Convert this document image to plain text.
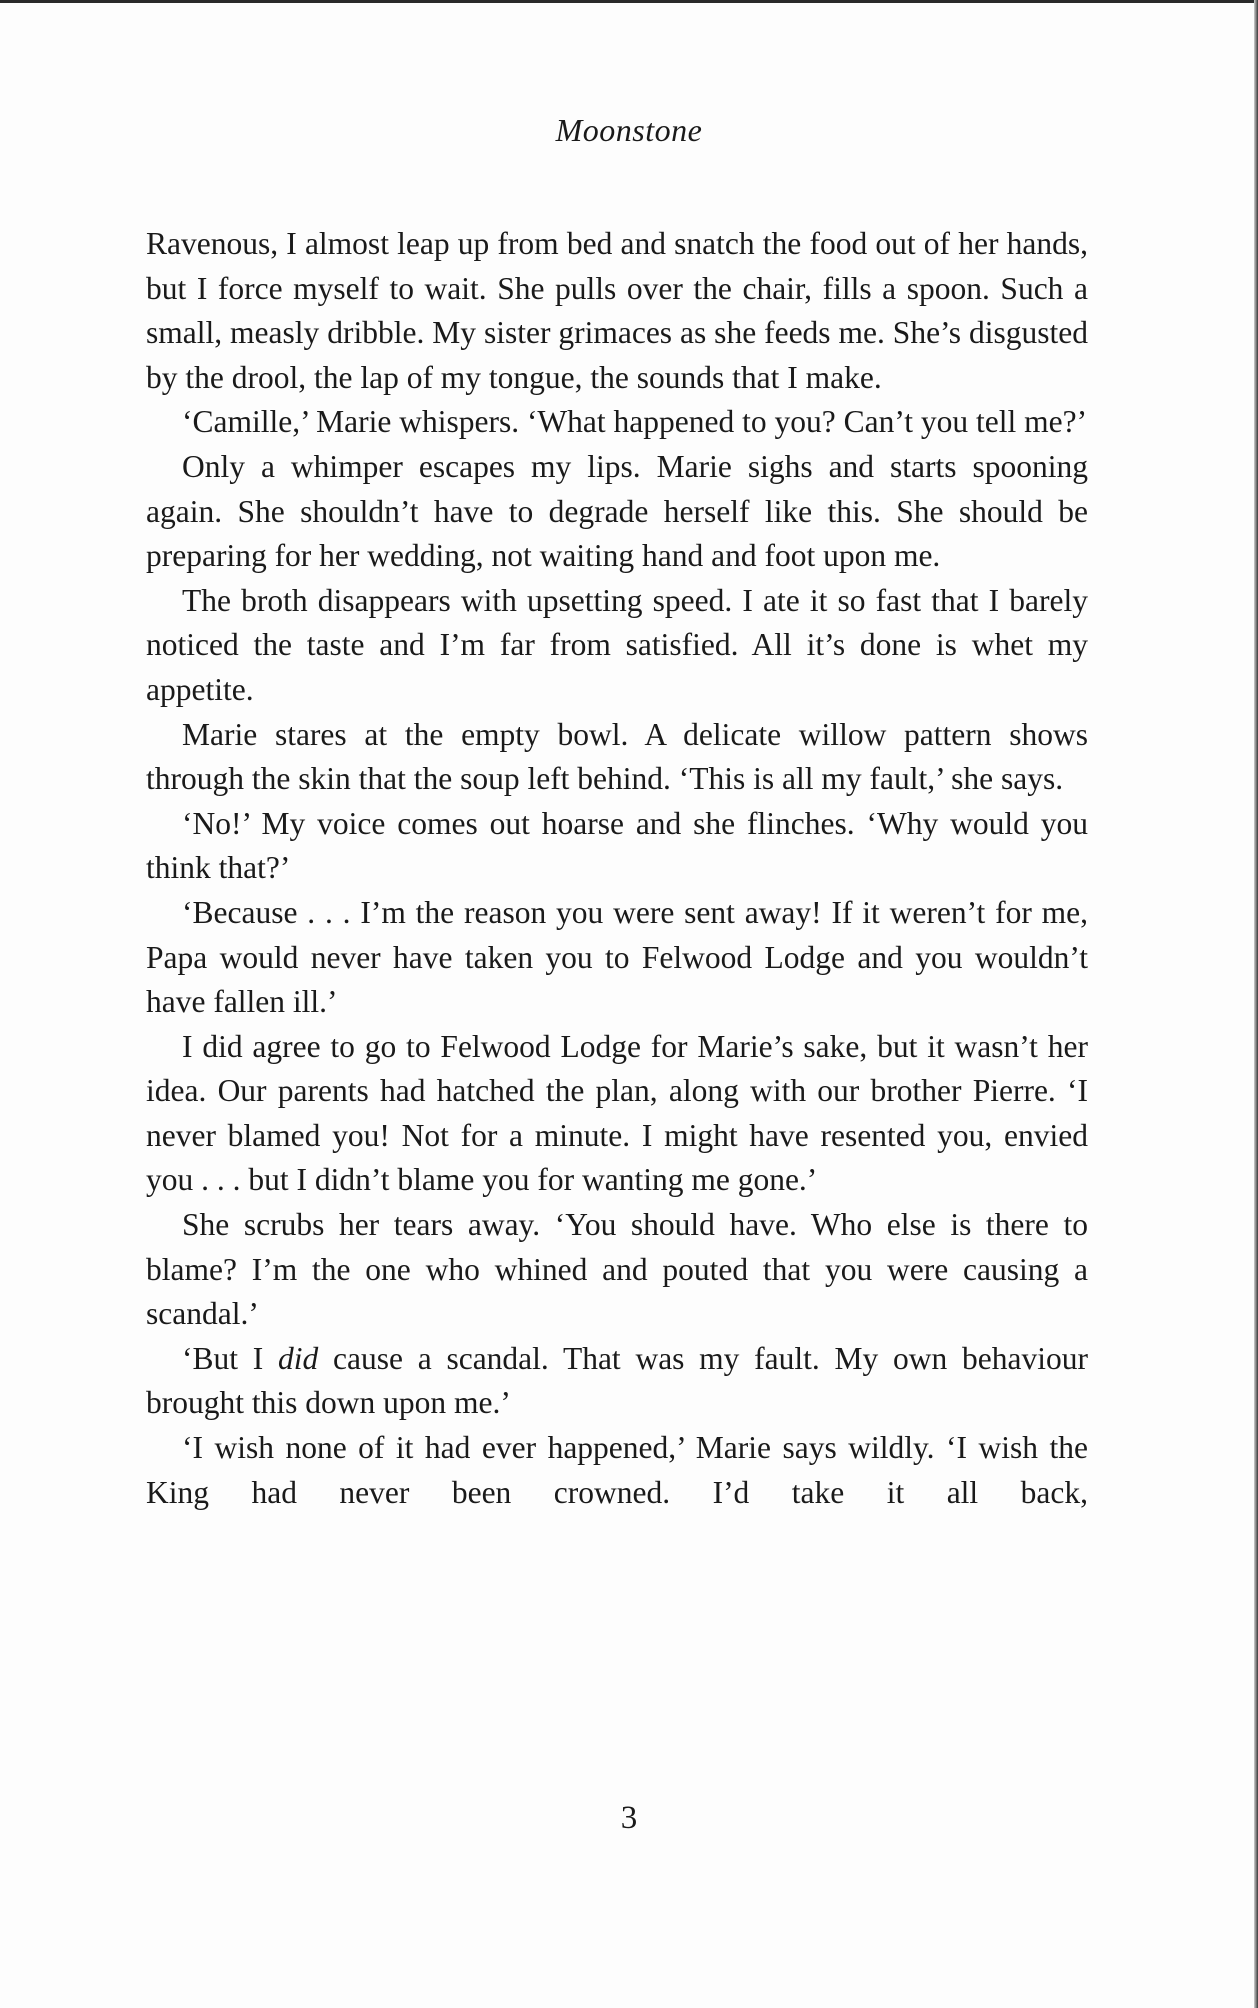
Moonstone

Ravenous, I almost leap up from bed and snatch the food out of her hands, but I force myself to wait. She pulls over the chair, fills a spoon. Such a small, measly dribble. My sister grimaces as she feeds me. She’s disgusted by the drool, the lap of my tongue, the sounds that I make.

‘Camille,’ Marie whispers. ‘What happened to you? Can’t you tell me?’

Only a whimper escapes my lips. Marie sighs and starts spooning again. She shouldn’t have to degrade herself like this. She should be preparing for her wedding, not waiting hand and foot upon me.

The broth disappears with upsetting speed. I ate it so fast that I barely noticed the taste and I’m far from satisfied. All it’s done is whet my appetite.

Marie stares at the empty bowl. A delicate willow pattern shows through the skin that the soup left behind. ‘This is all my fault,’ she says.

‘No!’ My voice comes out hoarse and she flinches. ‘Why would you think that?’

‘Because . . . I’m the reason you were sent away! If it weren’t for me, Papa would never have taken you to Felwood Lodge and you wouldn’t have fallen ill.’

I did agree to go to Felwood Lodge for Marie’s sake, but it wasn’t her idea. Our parents had hatched the plan, along with our brother Pierre. ‘I never blamed you! Not for a minute. I might have resented you, envied you . . . but I didn’t blame you for wanting me gone.’

She scrubs her tears away. ‘You should have. Who else is there to blame? I’m the one who whined and pouted that you were causing a scandal.’

‘But I did cause a scandal. That was my fault. My own behaviour brought this down upon me.’

‘I wish none of it had ever happened,’ Marie says wildly. ‘I wish the King had never been crowned. I’d take it all back,

3
